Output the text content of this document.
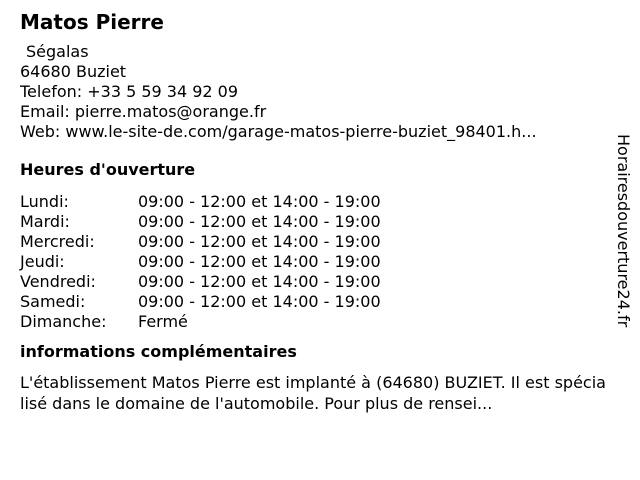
Matos Pierre
Ségalas
64680 Buziet
Telefon: +33 5 59 34 92 09
Email: pierre.matos@orange.fr
Web: www.le-site-de.com/garage-matos-pierre-buziet_98401.h...
Heures d'ouverture
Lundi:	09:00 - 12:00 et 14:00 - 19:00
Mardi:	09:00 - 12:00 et 14:00 - 19:00
Mercredi:	09:00 - 12:00 et 14:00 - 19:00
Jeudi:	09:00 - 12:00 et 14:00 - 19:00
Vendredi:	09:00 - 12:00 et 14:00 - 19:00
Samedi:	09:00 - 12:00 et 14:00 - 19:00
Dimanche:	Fermé
informations complémentaires
L'établissement Matos Pierre est implanté à (64680) BUZIET. Il est spécialisé dans le domaine de l'automobile. Pour plus de rensei...
Horairesdouverture24.fr
